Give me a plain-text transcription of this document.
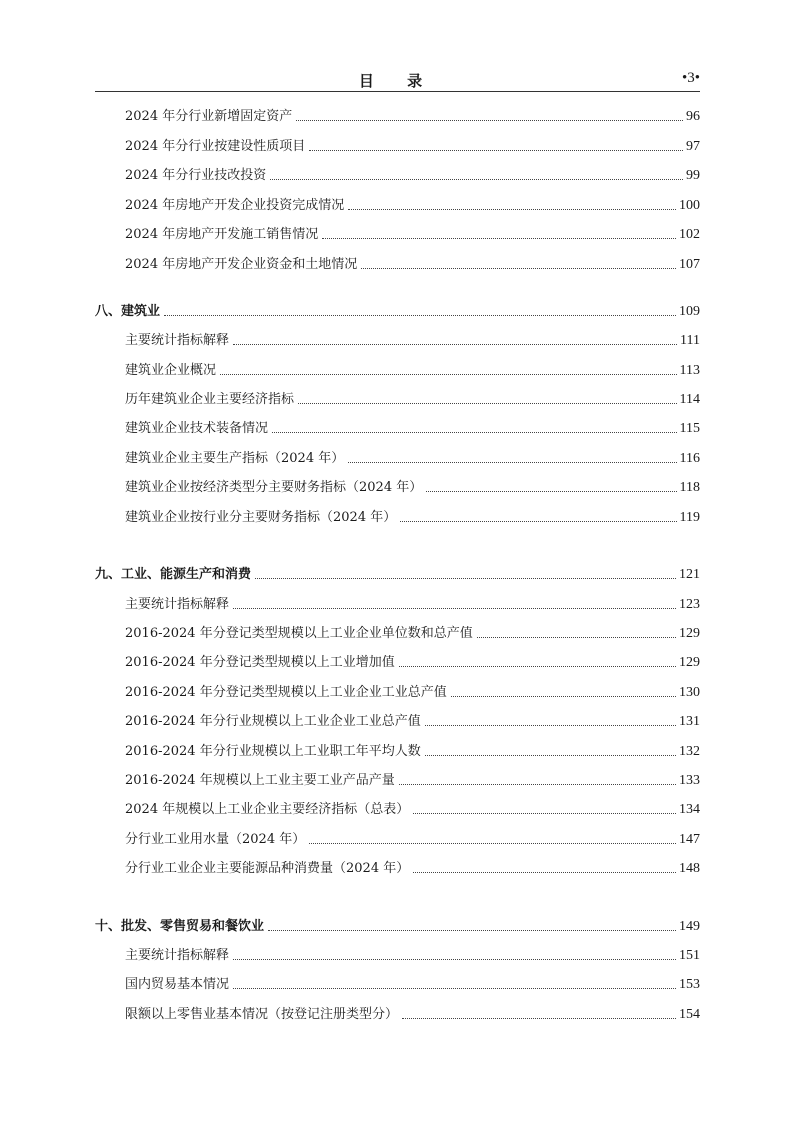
目 录	•3•
2024 年分行业新增固定资产	96
2024 年分行业按建设性质项目	97
2024 年分行业技改投资	99
2024 年房地产开发企业投资完成情况	100
2024 年房地产开发施工销售情况	102
2024 年房地产开发企业资金和土地情况	107
八、建筑业	109
主要统计指标解释	111
建筑业企业概况	113
历年建筑业企业主要经济指标	114
建筑业企业技术装备情况	115
建筑业企业主要生产指标（2024 年）	116
建筑业企业按经济类型分主要财务指标（2024 年）	118
建筑业企业按行业分主要财务指标（2024 年）	119
九、工业、能源生产和消费	121
主要统计指标解释	123
2016-2024 年分登记类型规模以上工业企业单位数和总产值	129
2016-2024 年分登记类型规模以上工业增加值	129
2016-2024 年分登记类型规模以上工业企业工业总产值	130
2016-2024 年分行业规模以上工业企业工业总产值	131
2016-2024 年分行业规模以上工业职工年平均人数	132
2016-2024 年规模以上工业主要工业产品产量	133
2024 年规模以上工业企业主要经济指标（总表）	134
分行业工业用水量（2024 年）	147
分行业工业企业主要能源品种消费量（2024 年）	148
十、批发、零售贸易和餐饮业	149
主要统计指标解释	151
国内贸易基本情况	153
限额以上零售业基本情况（按登记注册类型分）	154
